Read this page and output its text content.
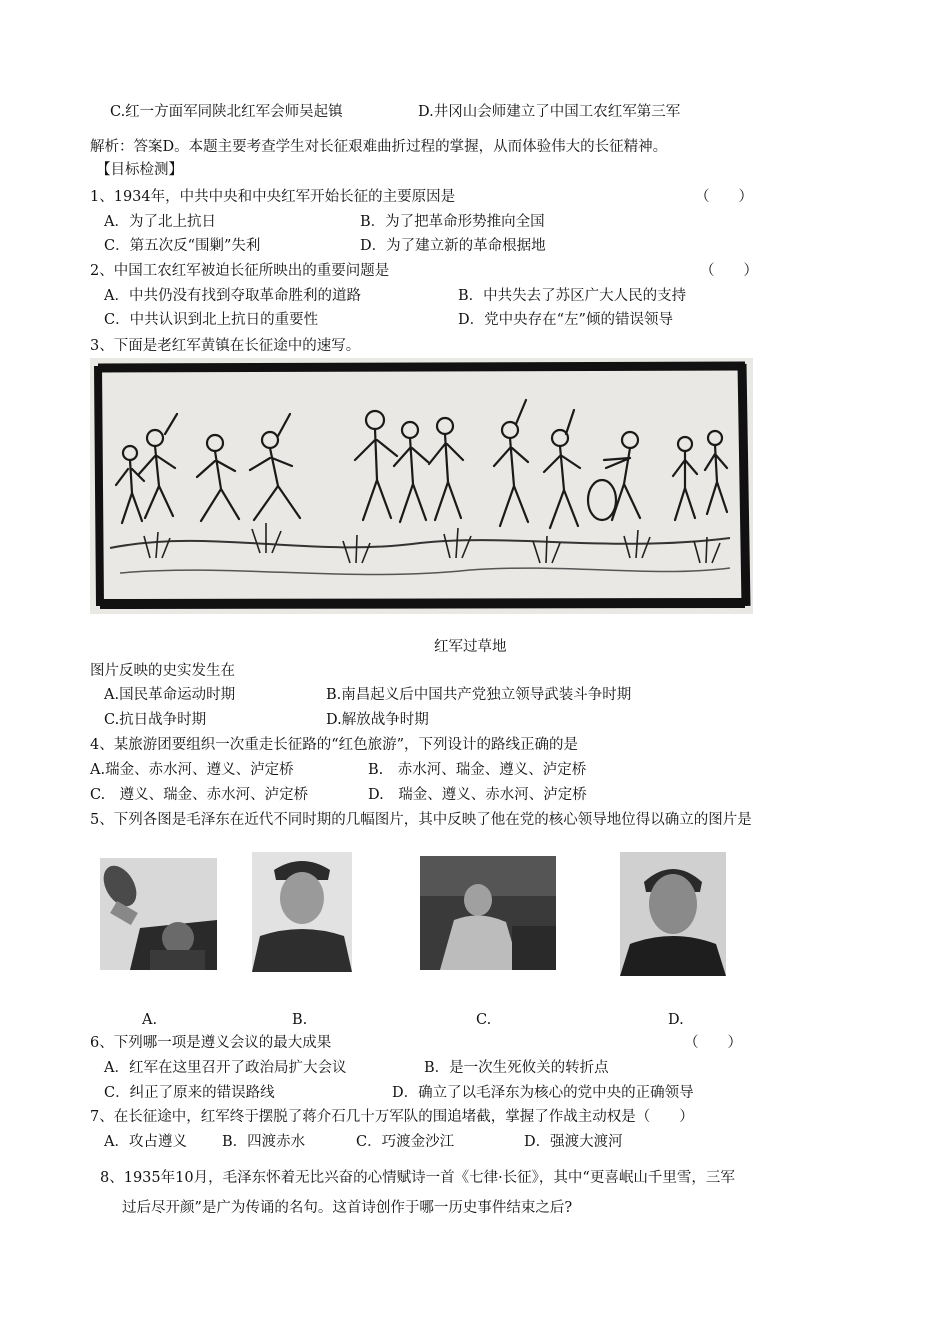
C.红一方面军同陕北红军会师吴起镇	D.井冈山会师建立了中国工农红军第三军
解析：答案D。本题主要考查学生对长征艰难曲折过程的掌握，从而体验伟大的长征精神。
【目标检测】
1、1934年，中共中央和中央红军开始长征的主要原因是	（　　）
A．为了北上抗日	B．为了把革命形势推向全国
C．第五次反“围剿”失利	D．为了建立新的革命根据地
2、中国工农红军被迫长征所映出的重要问题是	（　　）
A．中共仍没有找到夺取革命胜利的道路	B．中共失去了苏区广大人民的支持
C．中共认识到北上抗日的重要性	D．党中央存在“左”倾的错误领导
3、下面是老红军黄镇在长征途中的速写。
红军过草地
图片反映的史实发生在
A.国民革命运动时期	B.南昌起义后中国共产党独立领导武装斗争时期
C.抗日战争时期	D.解放战争时期
4、某旅游团要组织一次重走长征路的“红色旅游”，下列设计的路线正确的是
A.瑞金、赤水河、遵义、泸定桥	B.　赤水河、瑞金、遵义、泸定桥
C.　遵义、瑞金、赤水河、泸定桥	D.　瑞金、遵义、赤水河、泸定桥
5、下列各图是毛泽东在近代不同时期的几幅图片，其中反映了他在党的核心领导地位得以确立的图片是
A.	B.	C.	D.
6、下列哪一项是遵义会议的最大成果	（　　）
A．红军在这里召开了政治局扩大会议	B．是一次生死攸关的转折点
C．纠正了原来的错误路线	D．确立了以毛泽东为核心的党中央的正确领导
7、在长征途中，红军终于摆脱了蒋介石几十万军队的围追堵截，掌握了作战主动权是（　　）
A．攻占遵义 B．四渡赤水	C．巧渡金沙江	D．强渡大渡河
8、1935年10月，毛泽东怀着无比兴奋的心情赋诗一首《七律·长征》，其中“更喜岷山千里雪，三军
过后尽开颜”是广为传诵的名句。这首诗创作于哪一历史事件结束之后?
